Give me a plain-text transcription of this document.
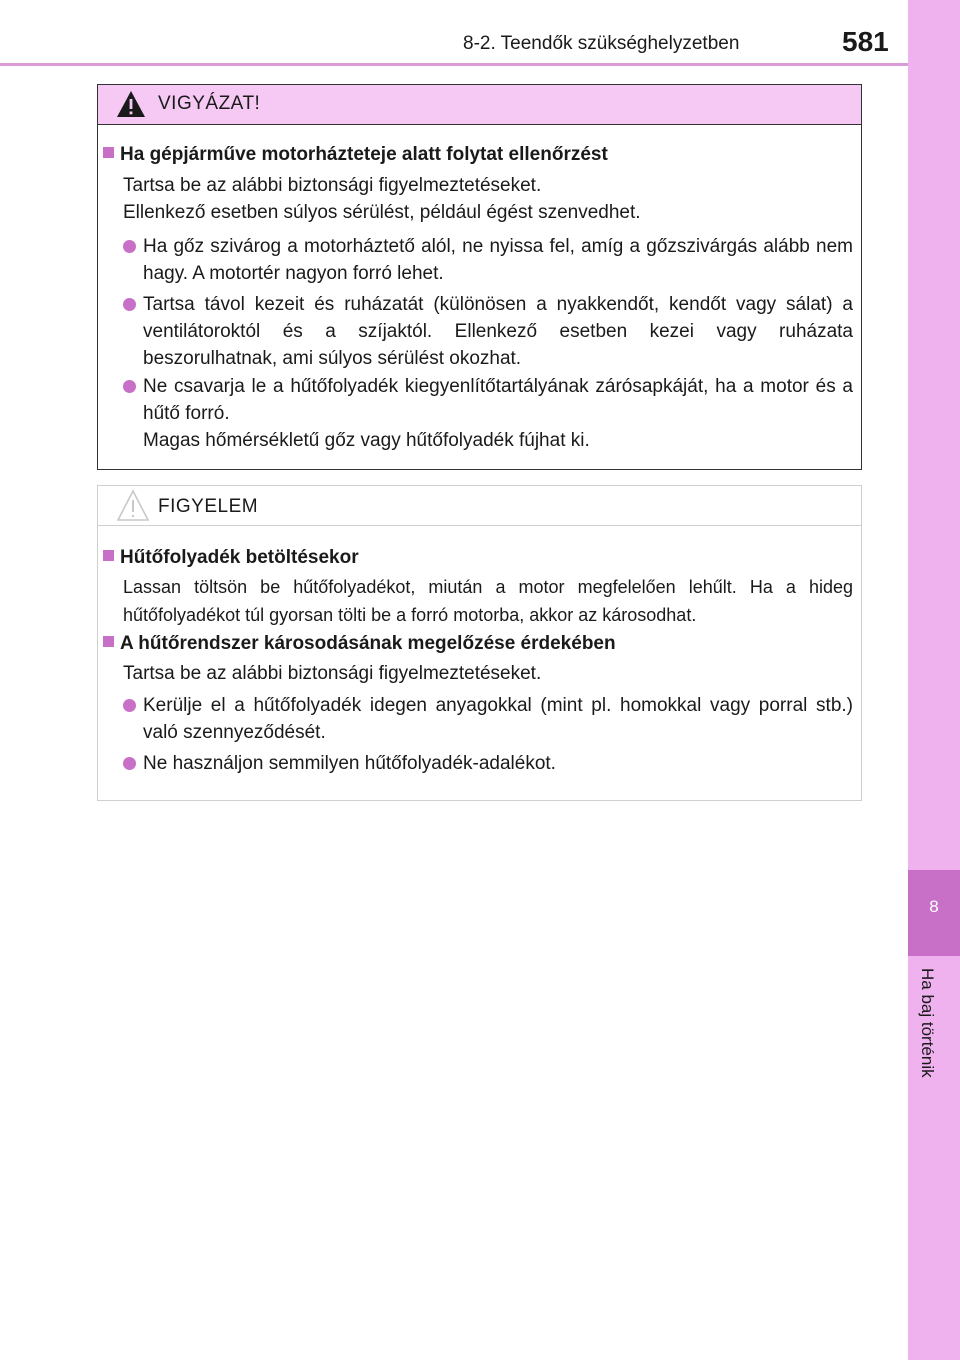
8-2. Teendők szükséghelyzetben	581
8
Ha baj történik
VIGYÁZAT!
Ha gépjárműve motorházteteje alatt folytat ellenőrzést
Tartsa be az alábbi biztonsági figyelmeztetéseket.
Ellenkező esetben súlyos sérülést, például égést szenvedhet.
Ha gőz szivárog a motorháztető alól, ne nyissa fel, amíg a gőzszivárgás alább nem hagy. A motortér nagyon forró lehet.
Tartsa távol kezeit és ruházatát (különösen a nyakkendőt, kendőt vagy sálat) a ventilátoroktól és a szíjaktól. Ellenkező esetben kezei vagy ruházata beszorulhatnak, ami súlyos sérülést okozhat.
Ne csavarja le a hűtőfolyadék kiegyenlítőtartályának zárósapkáját, ha a motor és a hűtő forró.
Magas hőmérsékletű gőz vagy hűtőfolyadék fújhat ki.
FIGYELEM
Hűtőfolyadék betöltésekor
Lassan töltsön be hűtőfolyadékot, miután a motor megfelelően lehűlt. Ha a hideg hűtőfolyadékot túl gyorsan tölti be a forró motorba, akkor az károsodhat.
A hűtőrendszer károsodásának megelőzése érdekében
Tartsa be az alábbi biztonsági figyelmeztetéseket.
Kerülje el a hűtőfolyadék idegen anyagokkal (mint pl. homokkal vagy porral stb.) való szennyeződését.
Ne használjon semmilyen hűtőfolyadék-adalékot.
